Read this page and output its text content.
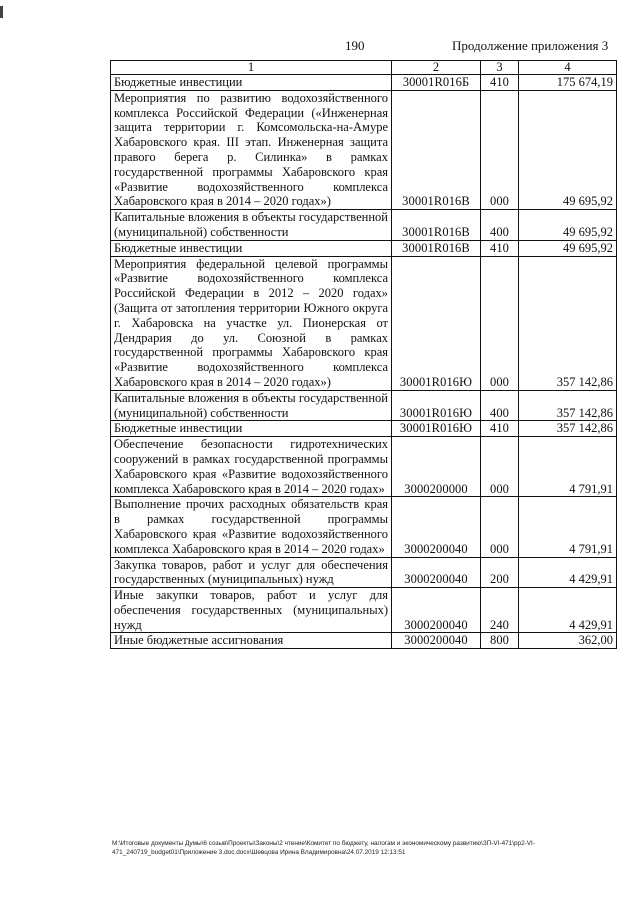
190	Продолжение приложения 3
1	2	3	4
Бюджетные инвестиции	30001R016Б	410	175 674,19
Мероприятия по развитию водохозяйственного комплекса Российской Федерации («Инженерная защита территории г. Комсомольска-на-Амуре Хабаровского края. III этап. Инженерная защита правого берега р. Силинка» в рамках государственной программы Хабаровского края «Развитие водохозяйственного комплекса Хабаровского края в 2014 – 2020 годах»)	30001R016В	000	49 695,92
Капитальные вложения в объекты государственной (муниципальной) собственности	30001R016В	400	49 695,92
Бюджетные инвестиции	30001R016В	410	49 695,92
Мероприятия федеральной целевой программы «Развитие водохозяйственного комплекса Российской Федерации в 2012 – 2020 годах» (Защита от затопления территории Южного округа г. Хабаровска на участке ул. Пионерская от Дендрария до ул. Союзной в рамках государственной программы Хабаровского края «Развитие водохозяйственного комплекса Хабаровского края в 2014 – 2020 годах»)	30001R016Ю	000	357 142,86
Капитальные вложения в объекты государственной (муниципальной) собственности	30001R016Ю	400	357 142,86
Бюджетные инвестиции	30001R016Ю	410	357 142,86
Обеспечение безопасности гидротехнических сооружений в рамках государственной программы Хабаровского края «Развитие водохозяйственного комплекса Хабаровского края в 2014 – 2020 годах»	3000200000	000	4 791,91
Выполнение прочих расходных обязательств края в рамках государственной программы Хабаровского края «Развитие водохозяйственного комплекса Хабаровского края в 2014 – 2020 годах»	3000200040	000	4 791,91
Закупка товаров, работ и услуг для обеспечения государственных (муниципальных) нужд	3000200040	200	4 429,91
Иные закупки товаров, работ и услуг для обеспечения государственных (муниципальных) нужд	3000200040	240	4 429,91
Иные бюджетные ассигнования	3000200040	800	362,00
M:\Итоговые документы Думы\6 созыв\Проекты\Законы\2 чтение\Комитет по бюджету, налогам и экономическому развитию\ЗП-VI-471\рр2-VI-471_240719_budget01\Приложение 3.doc.docx\Шевцова Ирина Владимировна\24.07.2019 12:13:51
